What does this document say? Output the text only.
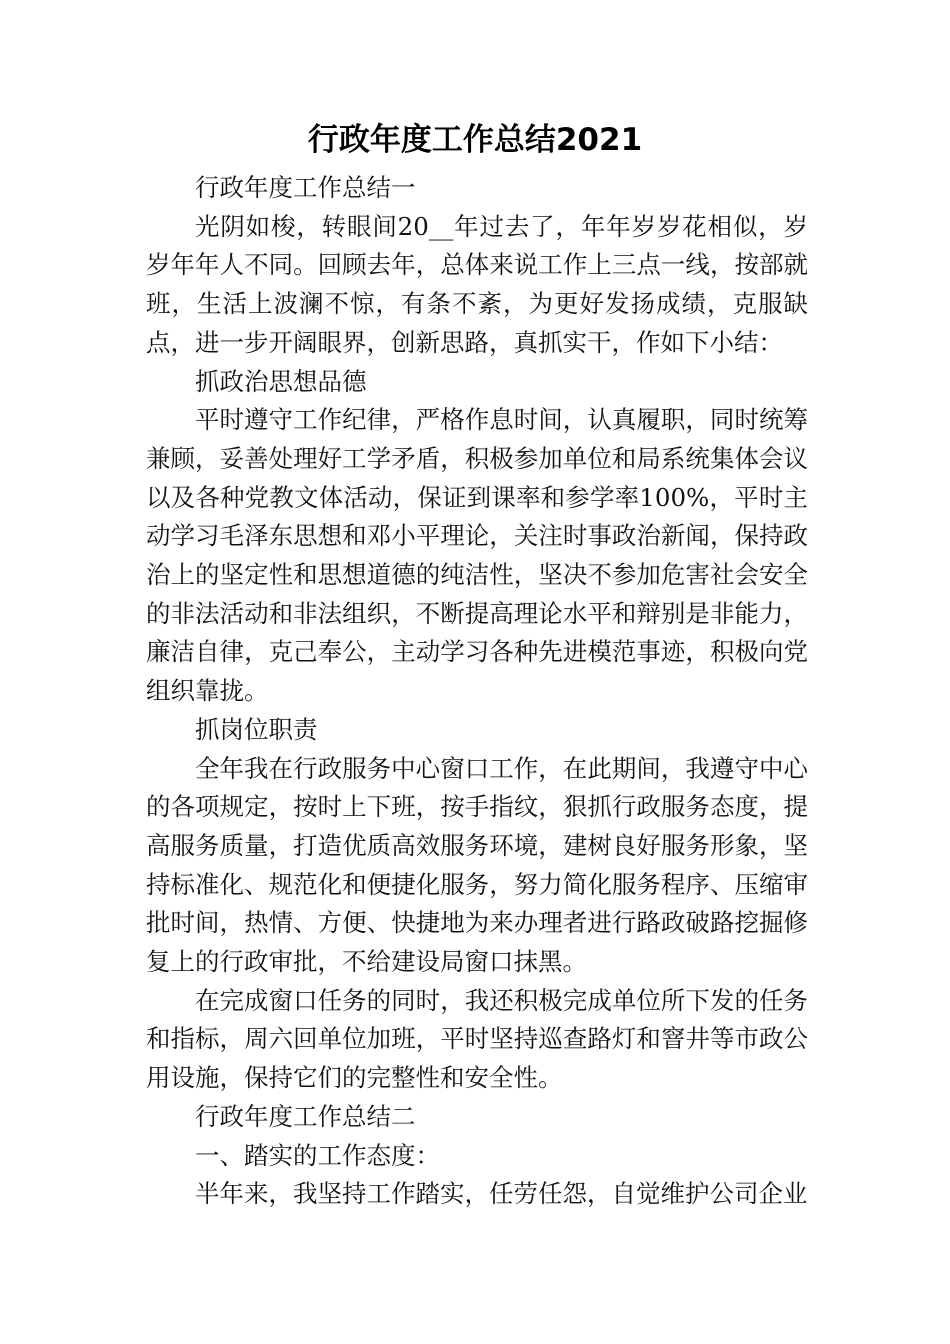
行政年度工作总结2021

行政年度工作总结一

光阴如梭，转眼间20__年过去了，年年岁岁花相似，岁岁年年人不同。回顾去年，总体来说工作上三点一线，按部就班，生活上波澜不惊，有条不紊，为更好发扬成绩，克服缺点，进一步开阔眼界，创新思路，真抓实干，作如下小结：

抓政治思想品德

平时遵守工作纪律，严格作息时间，认真履职，同时统筹兼顾，妥善处理好工学矛盾，积极参加单位和局系统集体会议以及各种党教文体活动，保证到课率和参学率100%，平时主动学习毛泽东思想和邓小平理论，关注时事政治新闻，保持政治上的坚定性和思想道德的纯洁性，坚决不参加危害社会安全的非法活动和非法组织，不断提高理论水平和辩别是非能力，廉洁自律，克己奉公，主动学习各种先进模范事迹，积极向党组织靠拢。

抓岗位职责

全年我在行政服务中心窗口工作，在此期间，我遵守中心的各项规定，按时上下班，按手指纹，狠抓行政服务态度，提高服务质量，打造优质高效服务环境，建树良好服务形象，坚持标准化、规范化和便捷化服务，努力简化服务程序、压缩审批时间，热情、方便、快捷地为来办理者进行路政破路挖掘修复上的行政审批，不给建设局窗口抹黑。

在完成窗口任务的同时，我还积极完成单位所下发的任务和指标，周六回单位加班，平时坚持巡查路灯和窨井等市政公用设施，保持它们的完整性和安全性。

行政年度工作总结二

一、踏实的工作态度：

半年来，我坚持工作踏实，任劳任怨，自觉维护公司企业
